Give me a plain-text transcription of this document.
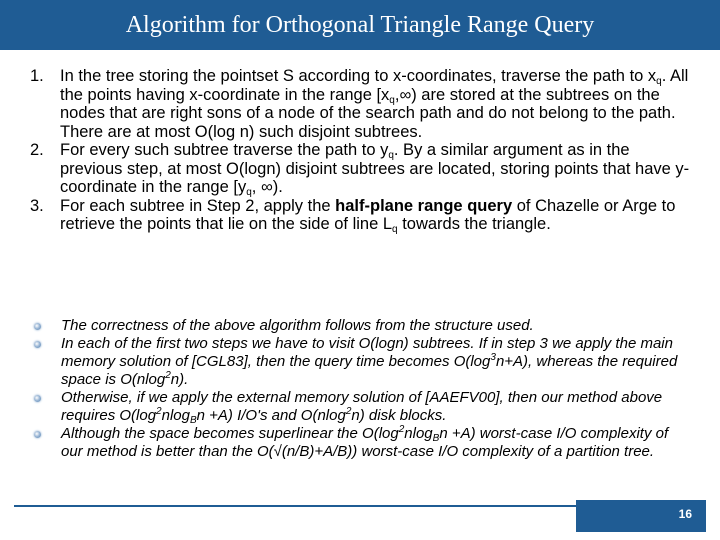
Algorithm for Orthogonal Triangle Range Query
1. In the tree storing the pointset S according to x-coordinates, traverse the path to $x_q$. All the points having x-coordinate in the range $[x_q,\infty)$ are stored at the subtrees on the nodes that are right sons of a node of the search path and do not belong to the path. There are at most O(log n) such disjoint subtrees.
2. For every such subtree traverse the path to $y_q$. By a similar argument as in the previous step, at most O(logn) disjoint subtrees are located, storing points that have y-coordinate in the range [$y_q$, ∞).
3. For each subtree in Step 2, apply the half-plane range query of Chazelle or Arge to retrieve the points that lie on the side of line $L_q$ towards the triangle.
The correctness of the above algorithm follows from the structure used.
In each of the first two steps we have to visit O(logn) subtrees. If in step 3 we apply the main memory solution of [CGL83], then the query time becomes $O(\log^3n+A)$, whereas the required space is O(nlog$^2$n).
Otherwise, if we apply the external memory solution of [AAEFV00], then our method above requires $O(\log^2nlog_Bn +A)$ I/O's and O(nlog$^2$n) disk blocks.
Although the space becomes superlinear the $O(\log^2nlog_Bn +A)$ worst-case I/O complexity of our method is better than the O(√(n/B)+A/B)) worst-case I/O complexity of a partition tree.
16
